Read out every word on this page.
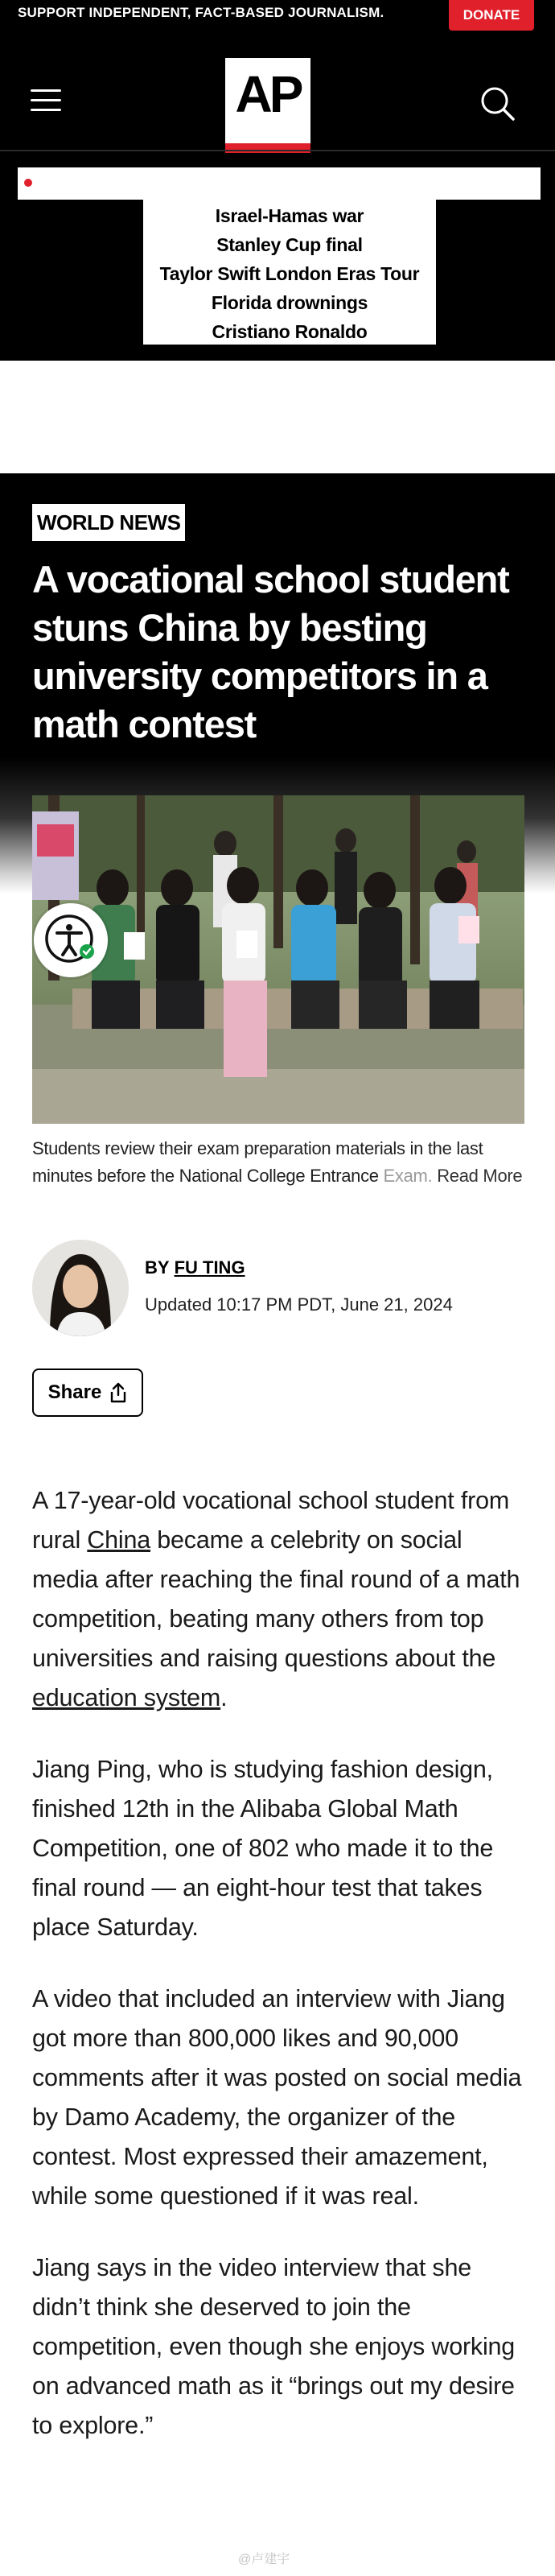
SUPPORT INDEPENDENT, FACT-BASED JOURNALISM.	DONATE
AP
Israel-Hamas war
Stanley Cup final
Taylor Swift London Eras Tour
Florida drownings
Cristiano Ronaldo
WORLD NEWS
A vocational school student stuns China by besting university competitors in a math contest
Students review their exam preparation materials in the last minutes before the National College Entrance Exam. Read More
BY FU TING
Updated 10:17 PM PDT, June 21, 2024
Share

A 17-year-old vocational school student from rural China became a celebrity on social media after reaching the final round of a math competition, beating many others from top universities and raising questions about the education system.

Jiang Ping, who is studying fashion design, finished 12th in the Alibaba Global Math Competition, one of 802 who made it to the final round — an eight-hour test that takes place Saturday.

A video that included an interview with Jiang got more than 800,000 likes and 90,000 comments after it was posted on social media by Damo Academy, the organizer of the contest. Most expressed their amazement, while some questioned if it was real.

Jiang says in the video interview that she didn’t think she deserved to join the competition, even though she enjoys working on advanced math as it “brings out my desire to explore.”

@卢建宇
